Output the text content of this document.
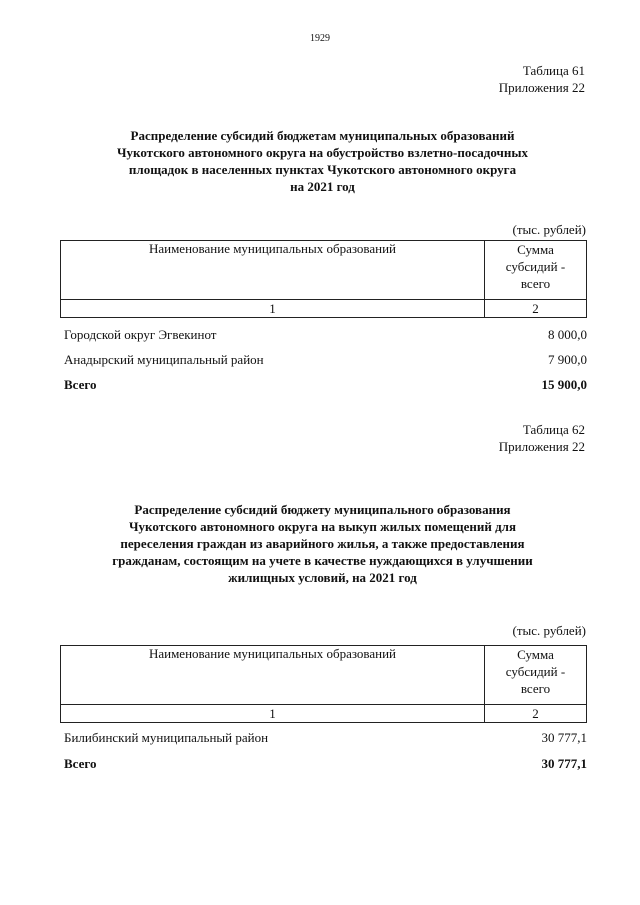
1929
Таблица 61
Приложения 22
Распределение субсидий бюджетам муниципальных образований
Чукотского автономного округа на обустройство взлетно-посадочных
площадок в населенных пунктах Чукотского автономного округа
на 2021 год
(тыс. рублей)
Наименование муниципальных образований	Сумма
субсидий -
всего

1	2
Городской округ Эгвекинот	8 000,0
Анадырский муниципальный район	7 900,0
Всего	15 900,0
Таблица 62
Приложения 22
Распределение субсидий бюджету муниципального образования
Чукотского автономного округа на выкуп жилых помещений для
переселения граждан из аварийного жилья, а также предоставления
гражданам, состоящим на учете в качестве нуждающихся в улучшении
жилищных условий, на 2021 год
(тыс. рублей)
Наименование муниципальных образований	Сумма
субсидий -
всего

1	2
Билибинский муниципальный район	30 777,1
Всего	30 777,1
